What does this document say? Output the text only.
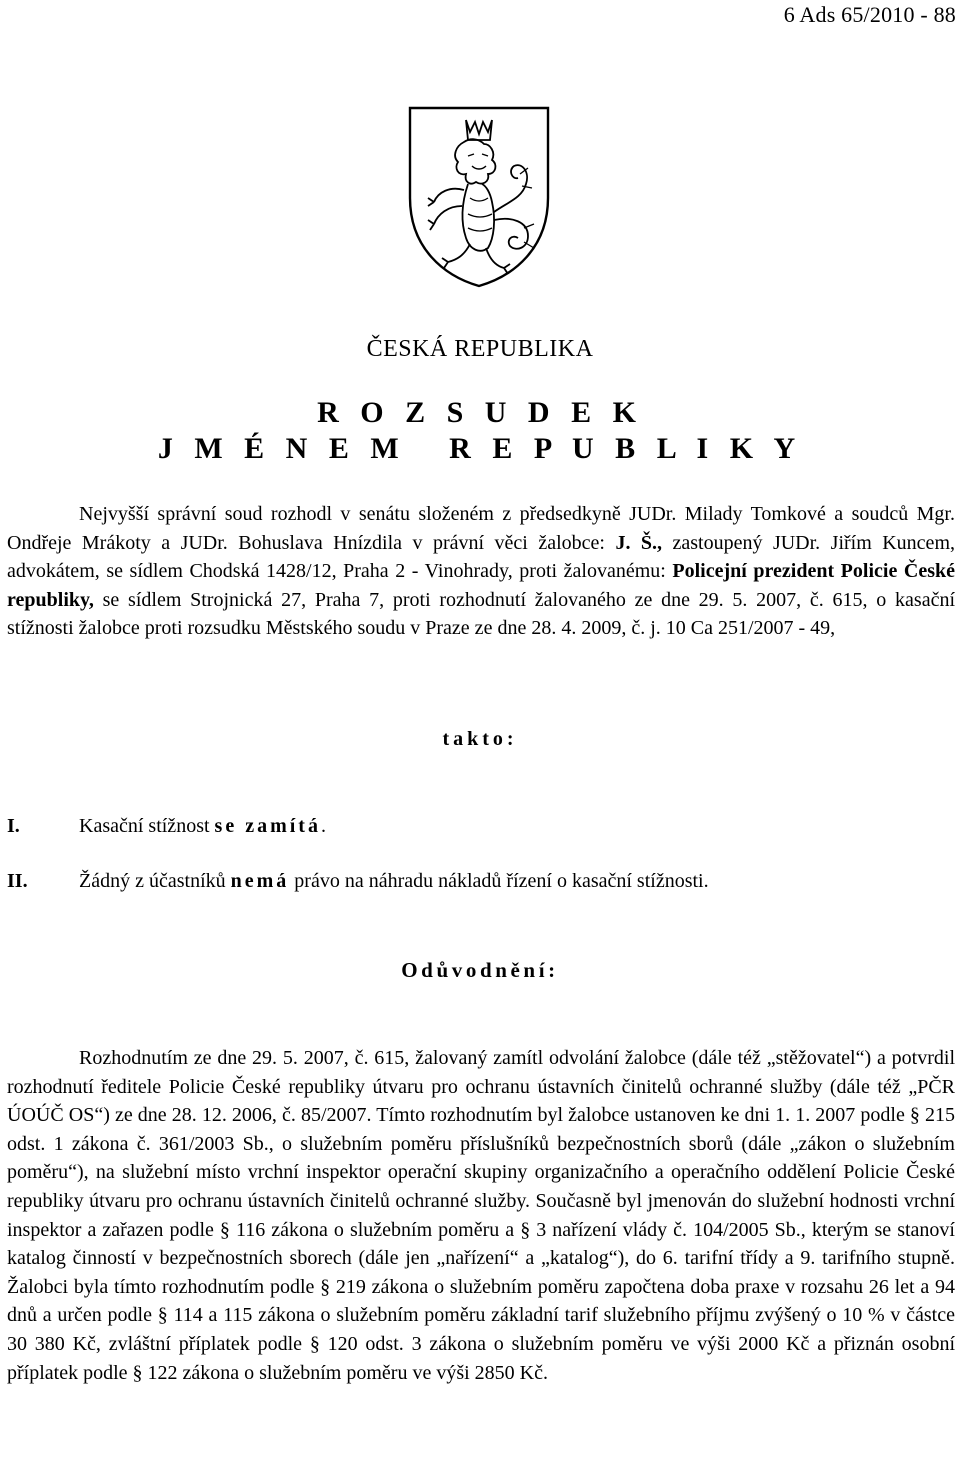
6 Ads 65/2010 - 88
ČESKÁ REPUBLIKA
R O Z S U D E K
J M É N E M   R E P U B L I K Y

Nejvyšší správní soud rozhodl v senátu složeném z předsedkyně JUDr. Milady Tomkové a soudců Mgr. Ondřeje Mrákoty a JUDr. Bohuslava Hnízdila v právní věci žalobce: J. Š., zastoupený JUDr. Jiřím Kuncem, advokátem, se sídlem Chodská 1428/12, Praha 2 - Vinohrady, proti žalovanému: Policejní prezident Policie České republiky, se sídlem Strojnická 27, Praha 7, proti rozhodnutí žalovaného ze dne 29. 5. 2007, č. 615, o kasační stížnosti žalobce proti rozsudku Městského soudu v Praze ze dne 28. 4. 2009, č. j. 10 Ca 251/2007 - 49,

takto:
I.	Kasační stížnost se zamítá.
II.	Žádný z účastníků nemá právo na náhradu nákladů řízení o kasační stížnosti.
Odůvodnění:

Rozhodnutím ze dne 29. 5. 2007, č. 615, žalovaný zamítl odvolání žalobce (dále též „stěžovatel“) a potvrdil rozhodnutí ředitele Policie České republiky útvaru pro ochranu ústavních činitelů ochranné služby (dále též „PČR ÚOÚČ OS“) ze dne 28. 12. 2006, č. 85/2007. Tímto rozhodnutím byl žalobce ustanoven ke dni 1. 1. 2007 podle § 215 odst. 1 zákona č. 361/2003 Sb., o služebním poměru příslušníků bezpečnostních sborů (dále „zákon o služebním poměru“), na služební místo vrchní inspektor operační skupiny organizačního a operačního oddělení Policie České republiky útvaru pro ochranu ústavních činitelů ochranné služby. Současně byl jmenován do služební hodnosti vrchní inspektor a zařazen podle § 116 zákona o služebním poměru a § 3 nařízení vlády č. 104/2005 Sb., kterým se stanoví katalog činností v bezpečnostních sborech (dále jen „nařízení“ a „katalog“), do 6. tarifní třídy a 9. tarifního stupně. Žalobci byla tímto rozhodnutím podle § 219 zákona o služebním poměru započtena doba praxe v rozsahu 26 let a 94 dnů a určen podle § 114 a 115 zákona o služebním poměru základní tarif služebního příjmu zvýšený o 10 % v částce 30 380 Kč, zvláštní příplatek podle § 120 odst. 3 zákona o služebním poměru ve výši 2000 Kč a přiznán osobní příplatek podle § 122 zákona o služebním poměru ve výši 2850 Kč.
